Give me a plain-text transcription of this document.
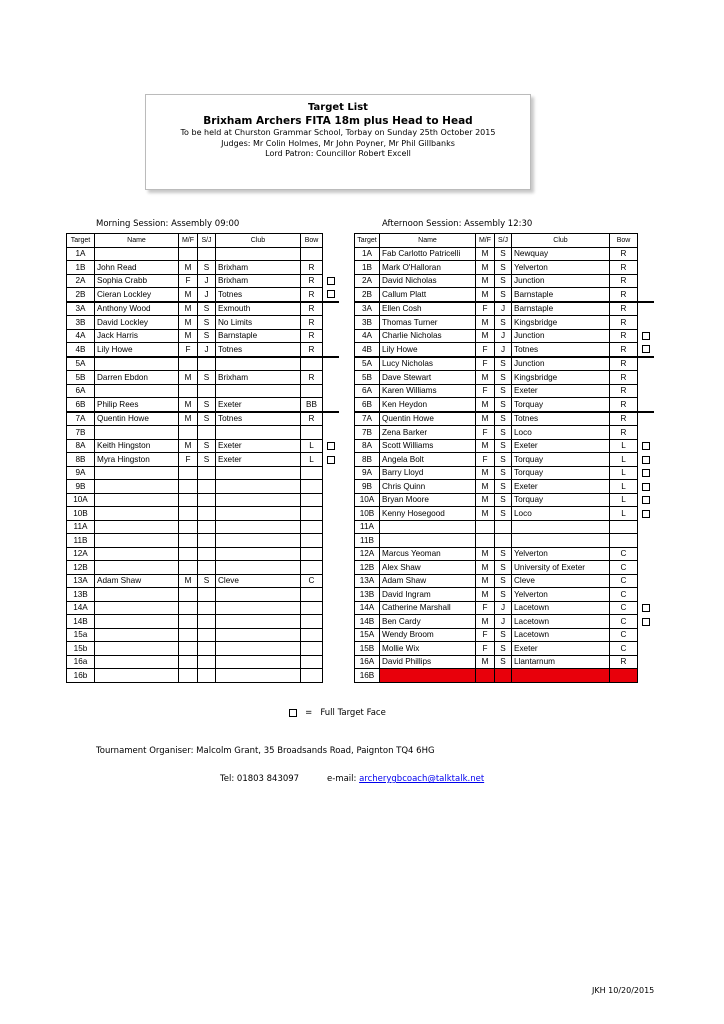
Target List
Brixham Archers FITA 18m plus Head to Head
To be held at Churston Grammar School, Torbay on Sunday 25th October 2015
Judges: Mr Colin Holmes, Mr John Poyner, Mr Phil Gillbanks
Lord Patron: Councillor Robert Excell
Morning Session: Assembly 09:00	Afternoon Session: Assembly 12:30
Target	Name	M/F	S/J	Club	Bow	
1A						
1B	John Read	M	S	Brixham	R	
2A	Sophia Crabb	F	J	Brixham	R	
2B	Cieran Lockley	M	J	Totnes	R	
3A	Anthony Wood	M	S	Exmouth	R	
3B	David Lockley	M	S	No Limits	R	
4A	Jack Harris	M	S	Barnstaple	R	
4B	Lily Howe	F	J	Totnes	R	
5A						
5B	Darren Ebdon	M	S	Brixham	R	
6A						
6B	Philip Rees	M	S	Exeter	BB	
7A	Quentin Howe	M	S	Totnes	R	
7B						
8A	Keith Hingston	M	S	Exeter	L	
8B	Myra Hingston	F	S	Exeter	L	
9A						
9B						
10A						
10B						
11A						
11B						
12A						
12B						
13A	Adam Shaw	M	S	Cleve	C	
13B						
14A						
14B						
15a						
15b						
16a						
16b						
Target	Name	M/F	S/J	Club	Bow	
1A	Fab Carlotto Patricelli	M	S	Newquay	R	
1B	Mark O'Halloran	M	S	Yelverton	R	
2A	David Nicholas	M	S	Junction	R	
2B	Callum Platt	M	S	Barnstaple	R	
3A	Ellen Cosh	F	J	Barnstaple	R	
3B	Thomas Turner	M	S	Kingsbridge	R	
4A	Charlie Nicholas	M	J	Junction	R	
4B	Lily Howe	F	J	Totnes	R	
5A	Lucy Nicholas	F	S	Junction	R	
5B	Dave Stewart	M	S	Kingsbridge	R	
6A	Karen Williams	F	S	Exeter	R	
6B	Ken Heydon	M	S	Torquay	R	
7A	Quentin Howe	M	S	Totnes	R	
7B	Zena Barker	F	S	Loco	R	
8A	Scott Williams	M	S	Exeter	L	
8B	Angela Bolt	F	S	Torquay	L	
9A	Barry Lloyd	M	S	Torquay	L	
9B	Chris Quinn	M	S	Exeter	L	
10A	Bryan Moore	M	S	Torquay	L	
10B	Kenny Hosegood	M	S	Loco	L	
11A						
11B						
12A	Marcus Yeoman	M	S	Yelverton	C	
12B	Alex Shaw	M	S	University of Exeter	C	
13A	Adam Shaw	M	S	Cleve	C	
13B	David Ingram	M	S	Yelverton	C	
14A	Catherine Marshall	F	J	Lacetown	C	
14B	Ben Cardy	M	J	Lacetown	C	
15A	Wendy Broom	F	S	Lacetown	C	
15B	Mollie Wix	F	S	Exeter	C	
16A	David Phillips	M	S	Llantarnum	R	
16B						
= Full Target Face
Tournament Organiser: Malcolm Grant, 35 Broadsands Road, Paignton TQ4 6HG
Tel: 01803 843097	e-mail: archerygbcoach@talktalk.net
JKH 10/20/2015
